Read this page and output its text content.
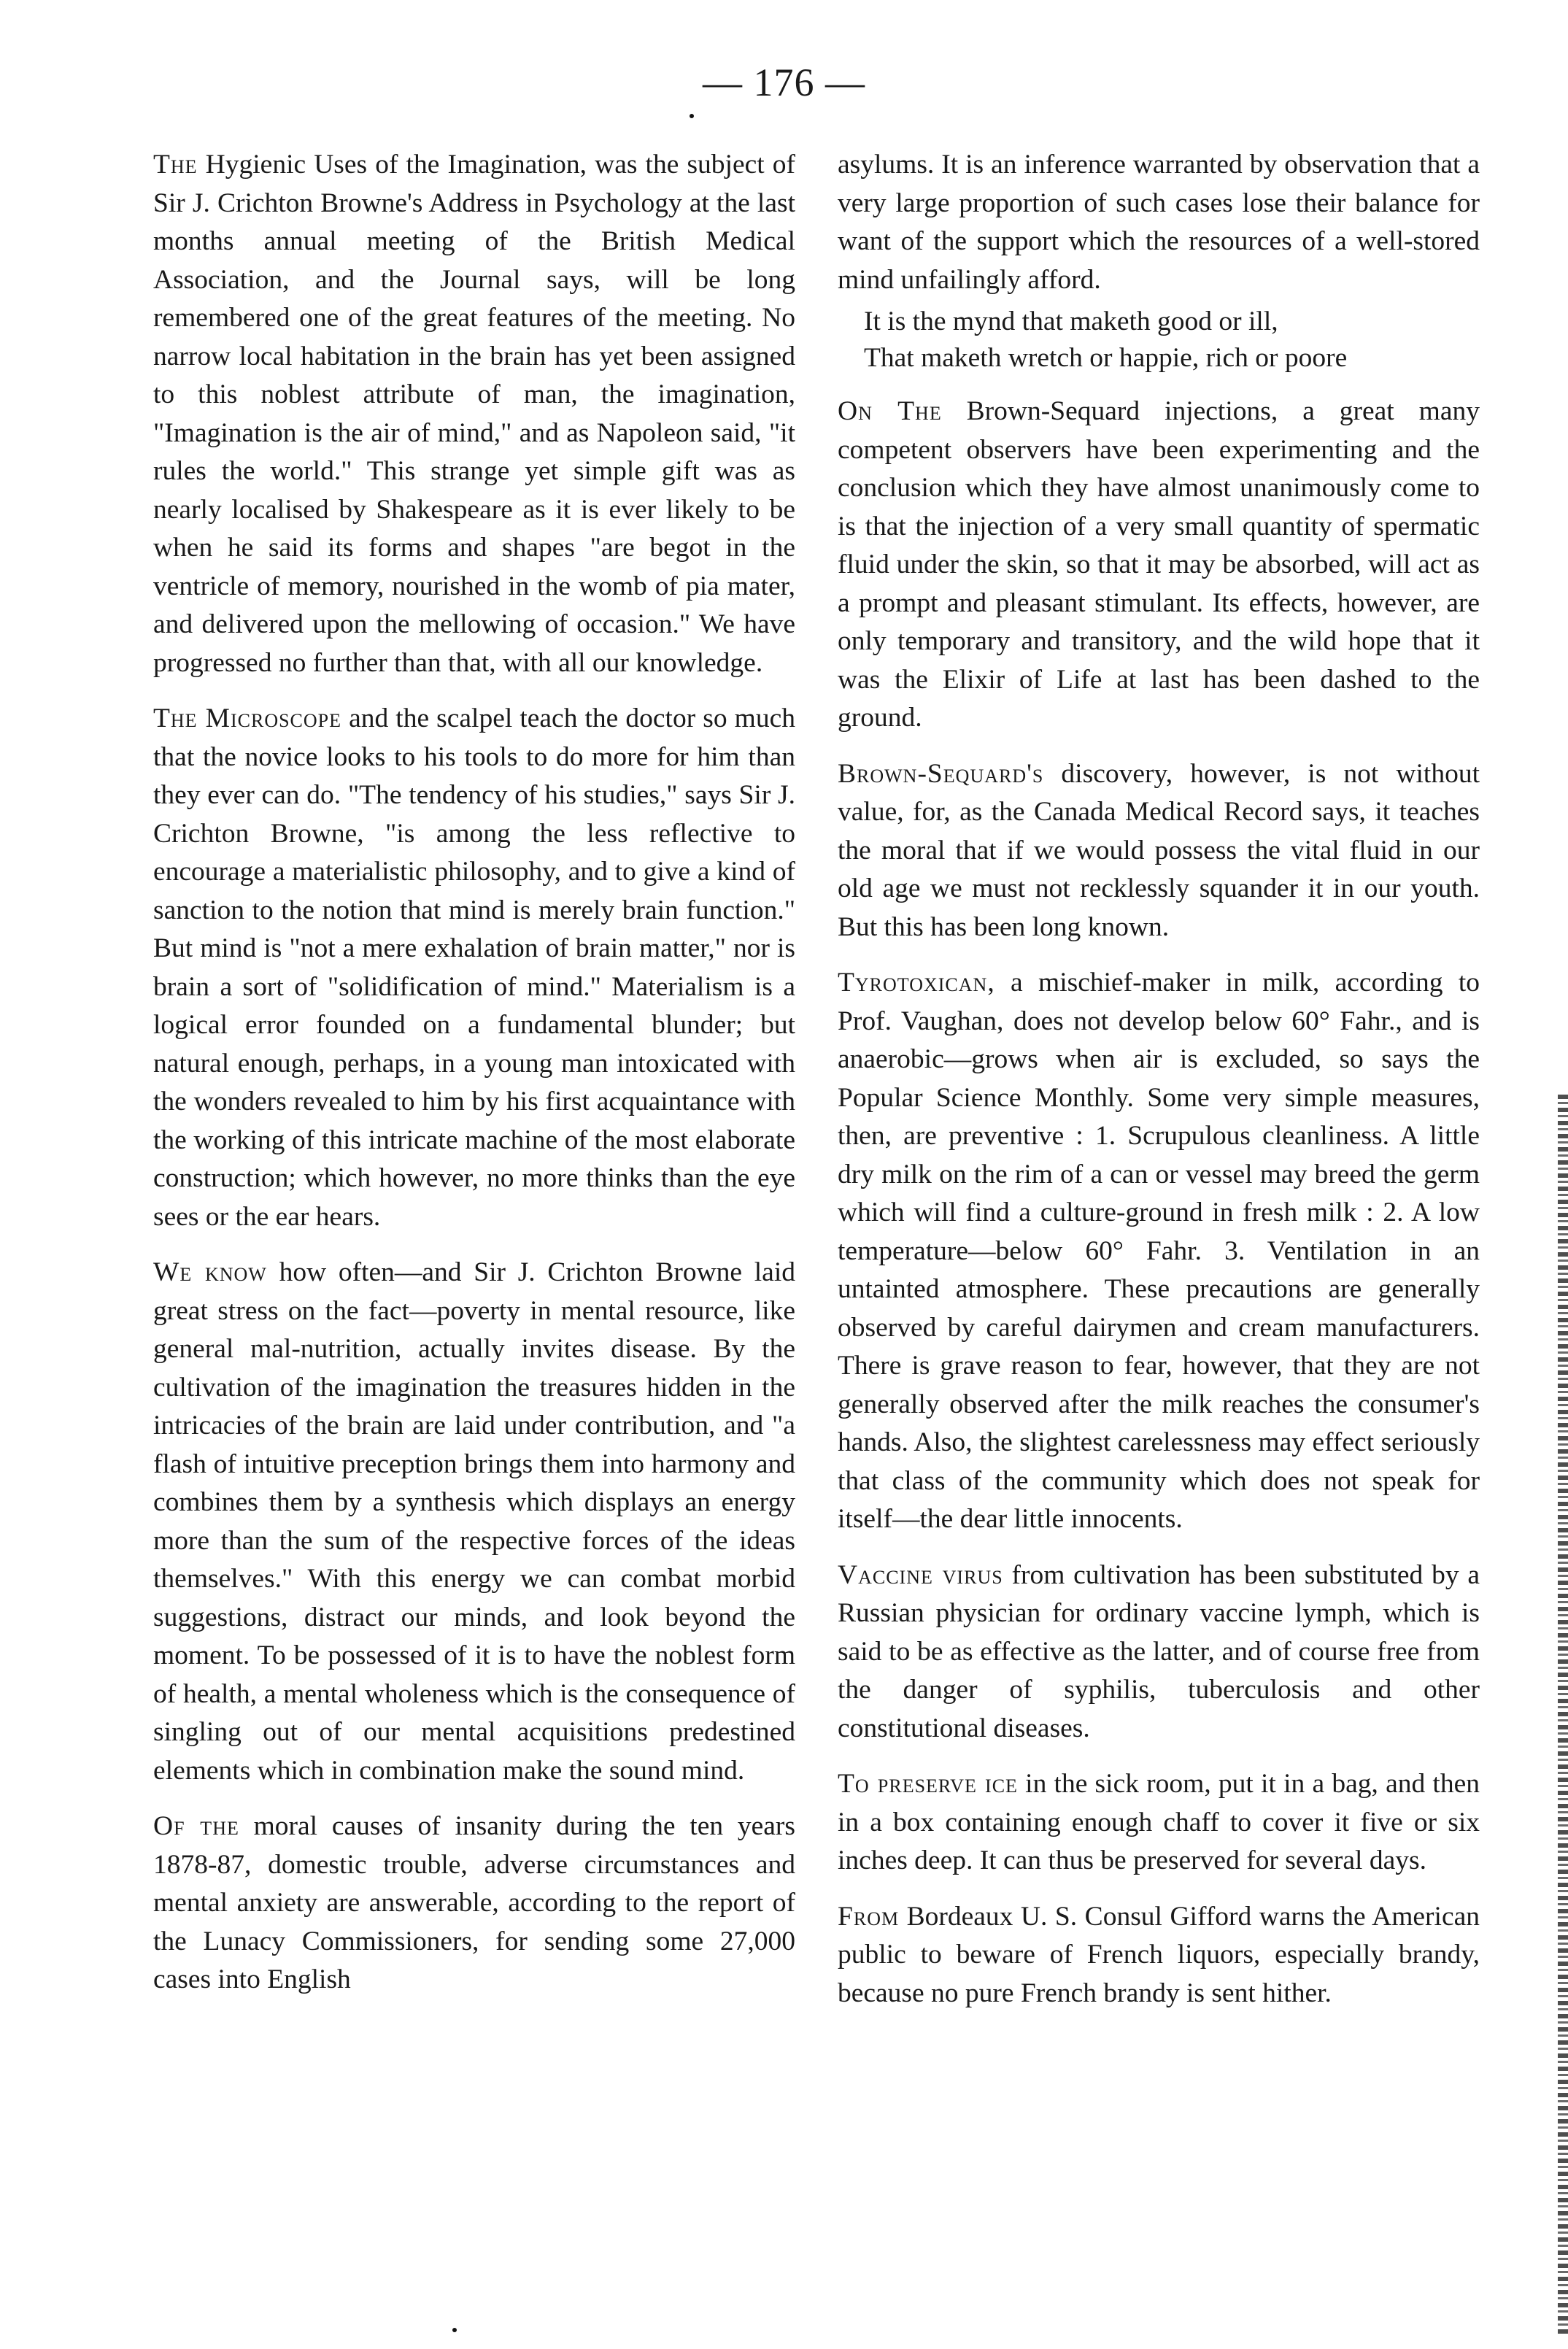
— 176 —

The Hygienic Uses of the Imagination, was the subject of Sir J. Crichton Browne's Address in Psychology at the last months annual meeting of the British Medical Association, and the Journal says, will be long remembered one of the great features of the meeting. No narrow local habitation in the brain has yet been assigned to this noblest attribute of man, the imagination, "Imagination is the air of mind," and as Napoleon said, "it rules the world." This strange yet simple gift was as nearly localised by Shakespeare as it is ever likely to be when he said its forms and shapes "are begot in the ventricle of memory, nourished in the womb of pia mater, and delivered upon the mellowing of occasion." We have progressed no further than that, with all our knowledge.

The Microscope and the scalpel teach the doctor so much that the novice looks to his tools to do more for him than they ever can do. "The tendency of his studies," says Sir J. Crichton Browne, "is among the less reflective to encourage a materialistic philosophy, and to give a kind of sanction to the notion that mind is merely brain function." But mind is "not a mere exhalation of brain matter," nor is brain a sort of "solidification of mind." Materialism is a logical error founded on a fundamental blunder; but natural enough, perhaps, in a young man intoxicated with the wonders revealed to him by his first acquaintance with the working of this intricate machine of the most elaborate construction; which however, no more thinks than the eye sees or the ear hears.

We know how often—and Sir J. Crichton Browne laid great stress on the fact—poverty in mental resource, like general mal-nutrition, actually invites disease. By the cultivation of the imagination the treasures hidden in the intricacies of the brain are laid under contribution, and "a flash of intuitive preception brings them into harmony and combines them by a synthesis which displays an energy more than the sum of the respective forces of the ideas themselves." With this energy we can combat morbid suggestions, distract our minds, and look beyond the moment. To be possessed of it is to have the noblest form of health, a mental wholeness which is the consequence of singling out of our mental acquisitions predestined elements which in combination make the sound mind.

Of the moral causes of insanity during the ten years 1878-87, domestic trouble, adverse circumstances and mental anxiety are answerable, according to the report of the Lunacy Commissioners, for sending some 27,000 cases into English

asylums. It is an inference warranted by observation that a very large proportion of such cases lose their balance for want of the support which the resources of a well-stored mind unfailingly afford.

It is the mynd that maketh good or ill,
That maketh wretch or happie, rich or poore

On The Brown-Sequard injections, a great many competent observers have been experimenting and the conclusion which they have almost unanimously come to is that the injection of a very small quantity of spermatic fluid under the skin, so that it may be absorbed, will act as a prompt and pleasant stimulant. Its effects, however, are only temporary and transitory, and the wild hope that it was the Elixir of Life at last has been dashed to the ground.

Brown-Sequard's discovery, however, is not without value, for, as the Canada Medical Record says, it teaches the moral that if we would possess the vital fluid in our old age we must not recklessly squander it in our youth. But this has been long known.

Tyrotoxican, a mischief-maker in milk, according to Prof. Vaughan, does not develop below 60° Fahr., and is anaerobic—grows when air is excluded, so says the Popular Science Monthly. Some very simple measures, then, are preventive : 1. Scrupulous cleanliness. A little dry milk on the rim of a can or vessel may breed the germ which will find a culture-ground in fresh milk : 2. A low temperature—below 60° Fahr. 3. Ventilation in an untainted atmosphere. These precautions are generally observed by careful dairymen and cream manufacturers. There is grave reason to fear, however, that they are not generally observed after the milk reaches the consumer's hands. Also, the slightest carelessness may effect seriously that class of the community which does not speak for itself—the dear little innocents.

Vaccine virus from cultivation has been substituted by a Russian physician for ordinary vaccine lymph, which is said to be as effective as the latter, and of course free from the danger of syphilis, tuberculosis and other constitutional diseases.

To preserve ice in the sick room, put it in a bag, and then in a box containing enough chaff to cover it five or six inches deep. It can thus be preserved for several days.

From Bordeaux U. S. Consul Gifford warns the American public to beware of French liquors, especially brandy, because no pure French brandy is sent hither.
